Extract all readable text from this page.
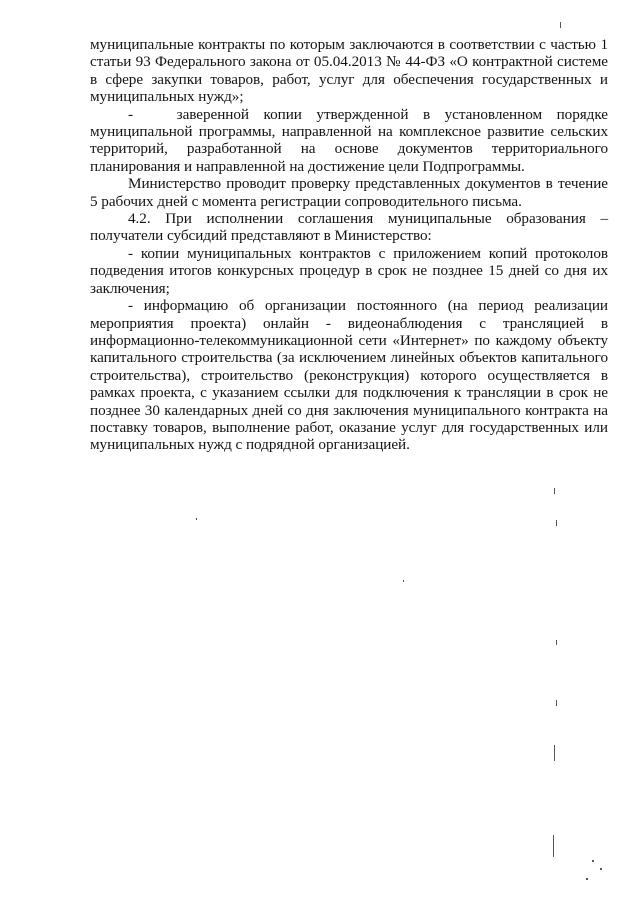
муниципальные контракты по которым заключаются в соответствии с частью 1 статьи 93 Федерального закона от 05.04.2013 № 44-ФЗ «О контрактной системе в сфере закупки товаров, работ, услуг для обеспечения государственных и муниципальных нужд»;

-   заверенной копии утвержденной в установленном порядке муниципальной программы, направленной на комплексное развитие сельских территорий, разработанной на основе документов территориального планирования и направленной на достижение цели Подпрограммы.

Министерство проводит проверку представленных документов в течение 5 рабочих дней с момента регистрации сопроводительного письма.

4.2. При исполнении соглашения муниципальные образования – получатели субсидий представляют в Министерство:

- копии муниципальных контрактов с приложением копий протоколов подведения итогов конкурсных процедур в срок не позднее 15 дней со дня их заключения;

- информацию об организации постоянного (на период реализации мероприятия проекта) онлайн - видеонаблюдения с трансляцией в информационно-телекоммуникационной сети «Интернет» по каждому объекту капитального строительства (за исключением линейных объектов капитального строительства), строительство (реконструкция) которого осуществляется в рамках проекта, с указанием ссылки для подключения к трансляции в срок не позднее 30 календарных дней со дня заключения муниципального контракта на поставку товаров, выполнение работ, оказание услуг для государственных или муниципальных нужд с подрядной организацией.
